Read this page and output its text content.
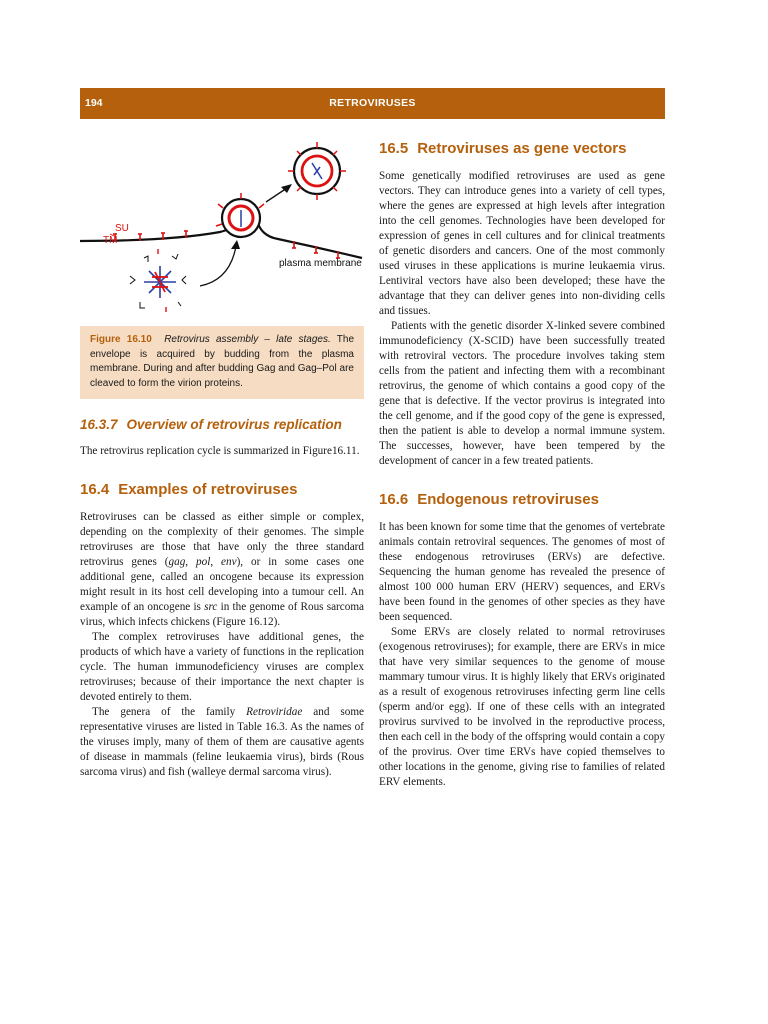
194	RETROVIRUSES
SU
TM
plasma membrane
Figure 16.10 Retrovirus assembly – late stages. The envelope is acquired by budding from the plasma membrane. During and after budding Gag and Gag–Pol are cleaved to form the virion proteins.
16.3.7 Overview of retrovirus replication

The retrovirus replication cycle is summarized in Figure16.11.

16.4 Examples of retroviruses

Retroviruses can be classed as either simple or complex, depending on the complexity of their genomes. The simple retroviruses are those that have only the three standard retrovirus genes (gag, pol, env), or in some cases one additional gene, called an oncogene because its expression might result in its host cell developing into a tumour cell. An example of an oncogene is src in the genome of Rous sarcoma virus, which infects chickens (Figure 16.12).

The complex retroviruses have additional genes, the products of which have a variety of functions in the replication cycle. The human immunodeficiency viruses are complex retroviruses; because of their importance the next chapter is devoted entirely to them.

The genera of the family Retroviridae and some representative viruses are listed in Table 16.3. As the names of the viruses imply, many of them of them are causative agents of disease in mammals (feline leukaemia virus), birds (Rous sarcoma virus) and fish (walleye dermal sarcoma virus).

16.5 Retroviruses as gene vectors

Some genetically modified retroviruses are used as gene vectors. They can introduce genes into a variety of cell types, where the genes are expressed at high levels after integration into the cell genomes. Technologies have been developed for expression of genes in cell cultures and for clinical treatments of genetic disorders and cancers. One of the most commonly used viruses in these applications is murine leukaemia virus. Lentiviral vectors have also been developed; these have the advantage that they can deliver genes into non-dividing cells and tissues.

Patients with the genetic disorder X-linked severe combined immunodeficiency (X-SCID) have been successfully treated with retroviral vectors. The procedure involves taking stem cells from the patient and infecting them with a recombinant retrovirus, the genome of which contains a good copy of the gene that is defective. If the vector provirus is integrated into the cell genome, and if the good copy of the gene is expressed, then the patient is able to develop a normal immune system. The successes, however, have been tempered by the development of cancer in a few treated patients.

16.6 Endogenous retroviruses

It has been known for some time that the genomes of vertebrate animals contain retroviral sequences. The genomes of most of these endogenous retroviruses (ERVs) are defective. Sequencing the human genome has revealed the presence of almost 100 000 human ERV (HERV) sequences, and ERVs have been found in the genomes of other species as they have been sequenced.

Some ERVs are closely related to normal retroviruses (exogenous retroviruses); for example, there are ERVs in mice that have very similar sequences to the genome of mouse mammary tumour virus. It is highly likely that ERVs originated as a result of exogenous retroviruses infecting germ line cells (sperm and/or egg). If one of these cells with an integrated provirus survived to be involved in the reproductive process, then each cell in the body of the offspring would contain a copy of the provirus. Over time ERVs have copied themselves to other locations in the genome, giving rise to families of related ERV elements.
